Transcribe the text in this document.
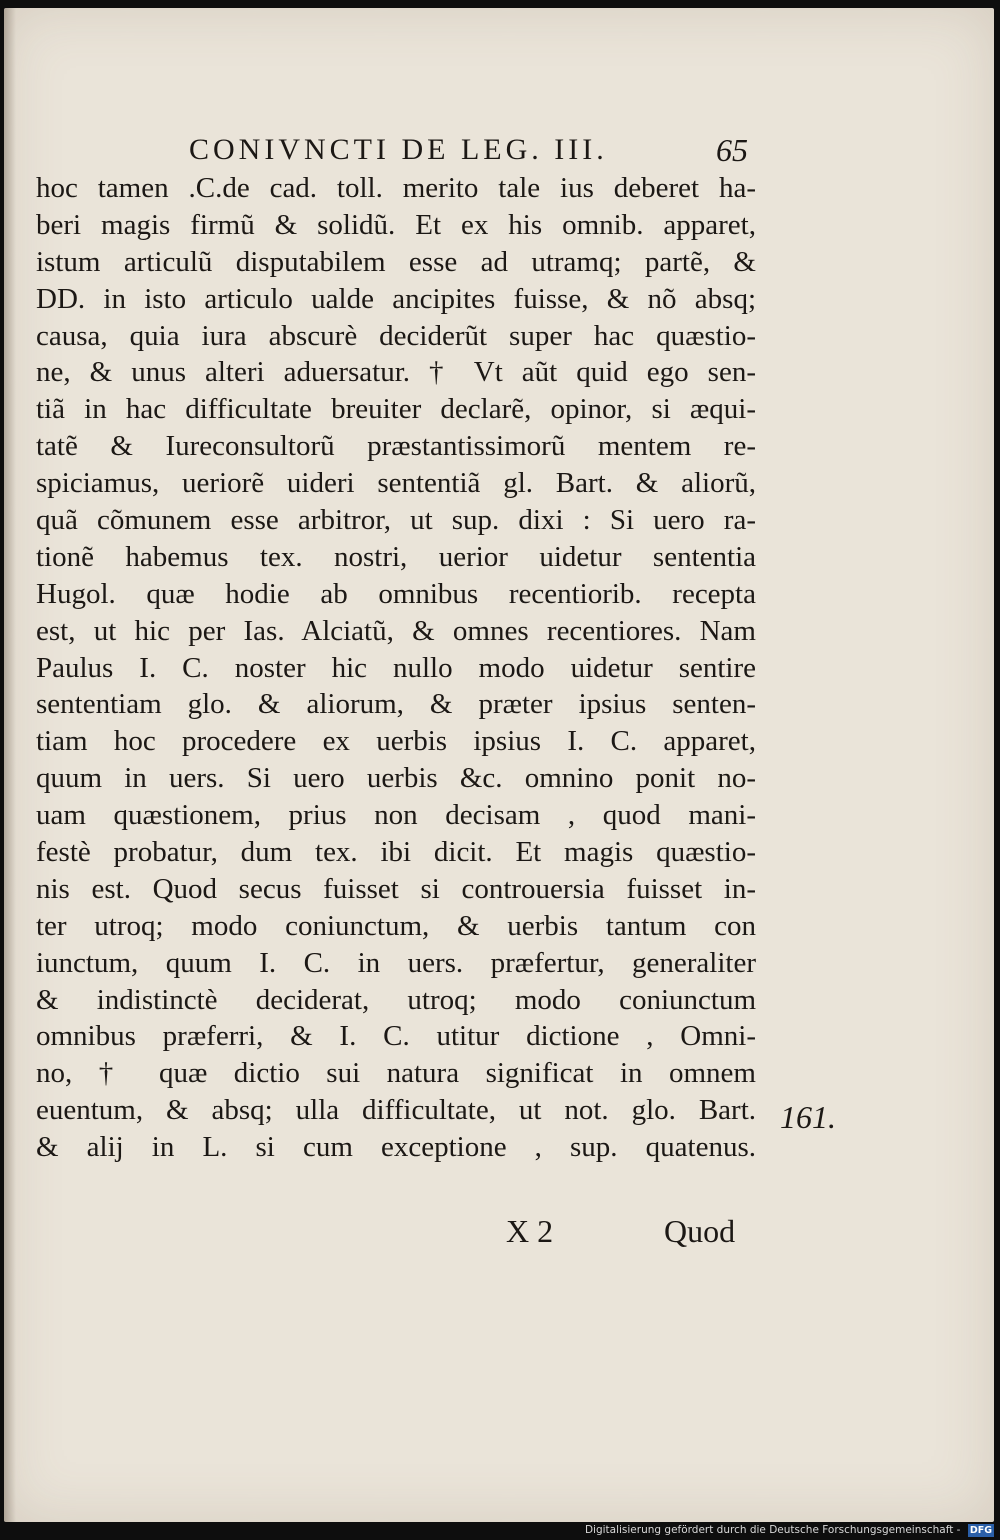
CONIVNCTI DE LEG. III.	65
hoc tamen .C.de cad. toll. merito tale ius deberet ha-
beri magis firmũ & solidũ. Et ex his omnib. apparet,
istum articulũ disputabilem esse ad utramq; partẽ, &
DD. in isto articulo ualde ancipites fuisse, & nõ absq;
causa, quia iura abscurè deciderũt super hac quæstio-
ne, & unus alteri aduersatur. † Vt aũt quid ego sen-
tiã in hac difficultate breuiter declarẽ, opinor, si æqui-
tatẽ & Iureconsultorũ præstantissimorũ mentem re-
spiciamus, ueriorẽ uideri sententiã gl. Bart. & aliorũ,
quã cõmunem esse arbitror, ut sup. dixi : Si uero ra-
tionẽ habemus tex. nostri, uerior uidetur sententia
Hugol. quæ hodie ab omnibus recentiorib. recepta
est, ut hic per Ias. Alciatũ, & omnes recentiores. Nam
Paulus I. C. noster hic nullo modo uidetur sentire
sententiam glo. & aliorum, & præter ipsius senten-
tiam hoc procedere ex uerbis ipsius I. C. apparet,
quum in uers. Si uero uerbis &c. omnino ponit no-
uam quæstionem, prius non decisam , quod mani-
festè probatur, dum tex. ibi dicit. Et magis quæstio-
nis est. Quod secus fuisset si controuersia fuisset in-
ter utroq; modo coniunctum, & uerbis tantum con
iunctum, quum I. C. in uers. præfertur, generaliter
& indistinctè deciderat, utroq; modo coniunctum
omnibus præferri, & I. C. utitur dictione , Omni-
no, † quæ dictio sui natura significat in omnem
euentum, & absq; ulla difficultate, ut not. glo. Bart.
& alij in L. si cum exceptione , sup. quatenus.
161.
X 2	Quod
Digitalisierung gefördert durch die Deutsche Forschungsgemeinschaft - DFG
